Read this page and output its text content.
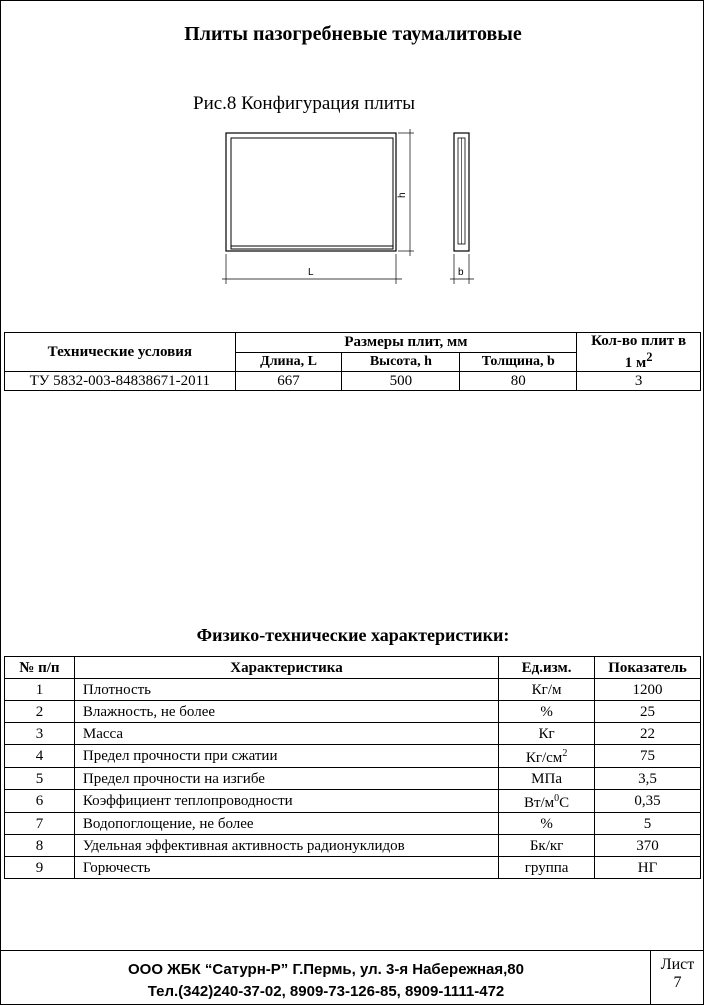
Плиты пазогребневые таумалитовые
Рис.8 Конфигурация плиты
L
h
b
Технические условия	Размеры плит, мм			Кол-во плит в
1 $м^2$
	Длина, L	Высота, h	Толщина, b	
ТУ 5832-003-84838671-2011	667	500	80	3
Физико-технические характеристики:
№ п/п	Характеристика	Ед.изм.	Показатель
1	Плотность	Кг/м	1200
2	Влажность, не более	%	25
3	Масса	Кг	22
4	Предел прочности при сжатии	$Кг/см^2$	75
5	Предел прочности на изгибе	МПа	3,5
6	Коэффициент теплопроводности	$Вт/м^0С$	0,35
7	Водопоглощение, не более	%	5
8	Удельная эффективная активность радионуклидов	Бк/кг	370
9	Горючесть	группа	НГ
ООО ЖБК “Сатурн-Р” Г.Пермь, ул. 3-я Набережная,80
Тел.(342)240-37-02, 8909-73-126-85, 8909-1111-472
Лист
7
